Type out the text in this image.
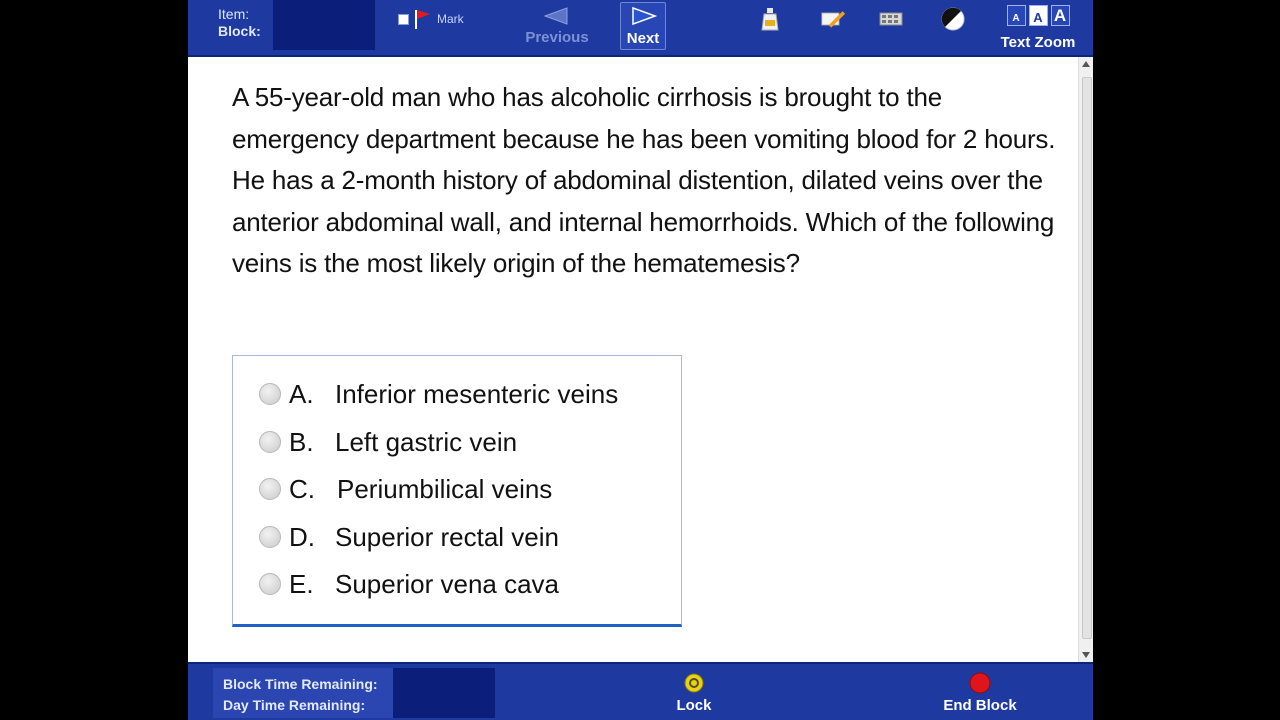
Item:
Block:
Mark
Previous	Next
A	A A
Text Zoom

A 55-year-old man who has alcoholic cirrhosis is brought to the emergency department because he has been vomiting blood for 2 hours. He has a 2-month history of abdominal distention, dilated veins over the anterior abdominal wall, and internal hemorrhoids. Which of the following veins is the most likely origin of the hematemesis?

A. Inferior mesenteric veins
B. Left gastric vein
C. Periumbilical veins
D. Superior rectal vein
E. Superior vena cava
Block Time Remaining:
Day Time Remaining:	Lock	End Block
